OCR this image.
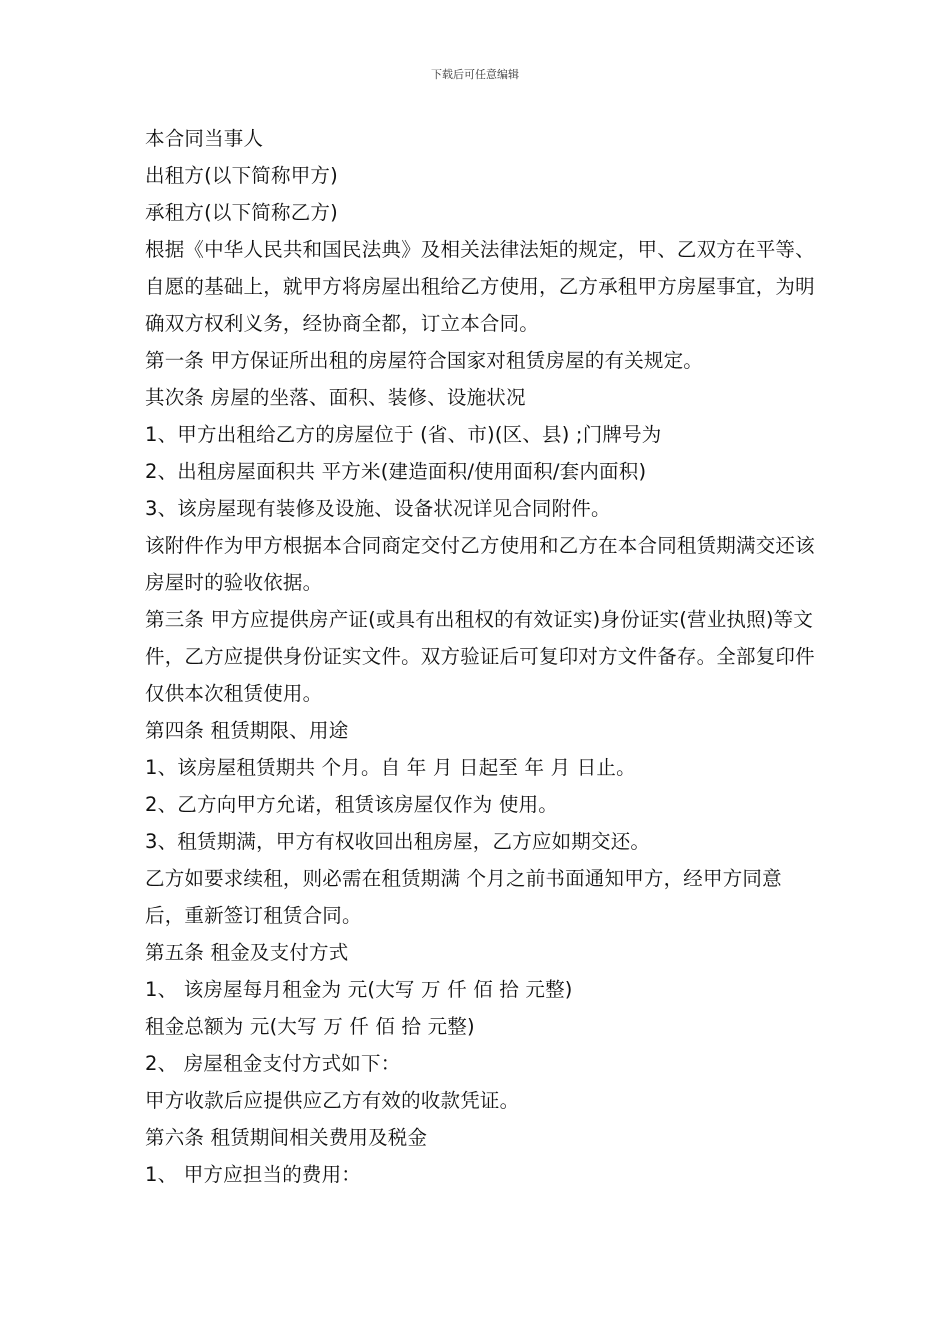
下载后可任意编辑

本合同当事人

出租方(以下简称甲方)

承租方(以下简称乙方)

根据《中华人民共和国民法典》及相关法律法矩的规定，甲、乙双方在平等、自愿的基础上，就甲方将房屋出租给乙方使用，乙方承租甲方房屋事宜，为明确双方权利义务，经协商全都，订立本合同。

第一条 甲方保证所出租的房屋符合国家对租赁房屋的有关规定。

其次条 房屋的坐落、面积、装修、设施状况

1、甲方出租给乙方的房屋位于 (省、市)(区、县) ;门牌号为

2、出租房屋面积共 平方米(建造面积/使用面积/套内面积)

3、该房屋现有装修及设施、设备状况详见合同附件。

该附件作为甲方根据本合同商定交付乙方使用和乙方在本合同租赁期满交还该房屋时的验收依据。

第三条 甲方应提供房产证(或具有出租权的有效证实)身份证实(营业执照)等文件，乙方应提供身份证实文件。双方验证后可复印对方文件备存。全部复印件仅供本次租赁使用。

第四条 租赁期限、用途

1、该房屋租赁期共 个月。自 年 月 日起至 年 月 日止。

2、乙方向甲方允诺，租赁该房屋仅作为 使用。

3、租赁期满，甲方有权收回出租房屋，乙方应如期交还。

乙方如要求续租，则必需在租赁期满 个月之前书面通知甲方，经甲方同意后，重新签订租赁合同。

第五条 租金及支付方式

1、 该房屋每月租金为 元(大写 万 仟 佰 拾 元整)

租金总额为 元(大写 万 仟 佰 拾 元整)

2、 房屋租金支付方式如下：

甲方收款后应提供应乙方有效的收款凭证。

第六条 租赁期间相关费用及税金

1、 甲方应担当的费用：
